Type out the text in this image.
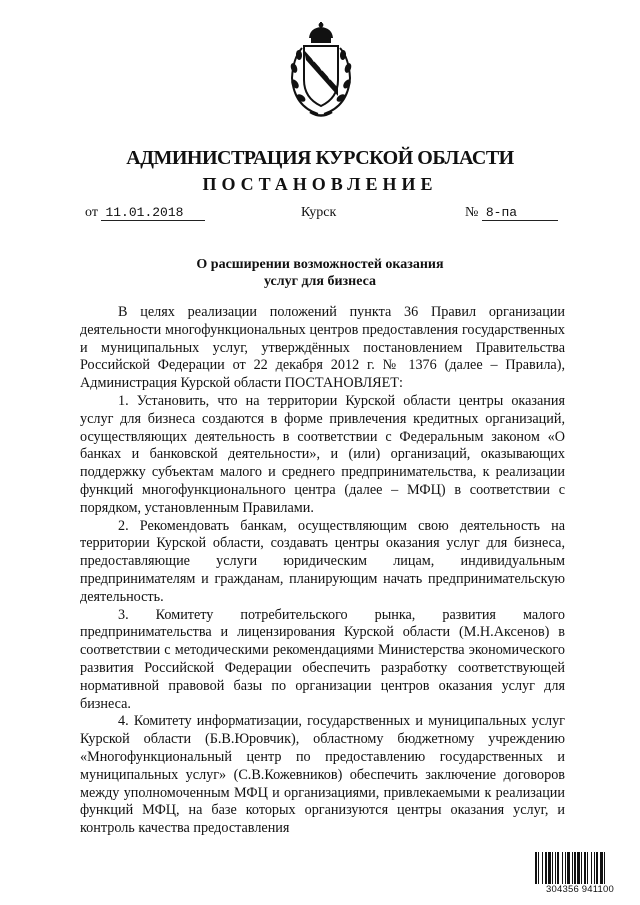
АДМИНИСТРАЦИЯ КУРСКОЙ ОБЛАСТИ
ПОСТАНОВЛЕНИЕ
от 11.01.2018	Курск	№ 8-па
О расширении возможностей оказания
услуг для бизнеса

В целях реализации положений пункта 36 Правил организации деятельности многофункциональных центров предоставления государственных и муниципальных услуг, утверждённых постановлением Правительства Российской Федерации от 22 декабря 2012 г. № 1376 (далее – Правила), Администрация Курской области ПОСТАНОВЛЯЕТ:

1. Установить, что на территории Курской области центры оказания услуг для бизнеса создаются в форме привлечения кредитных организаций, осуществляющих деятельность в соответствии с Федеральным законом «О банках и банковской деятельности», и (или) организаций, оказывающих поддержку субъектам малого и среднего предпринимательства, к реализации функций многофункционального центра (далее – МФЦ) в соответствии с порядком, установленным Правилами.

2. Рекомендовать банкам, осуществляющим свою деятельность на территории Курской области, создавать центры оказания услуг для бизнеса, предоставляющие услуги юридическим лицам, индивидуальным предпринимателям и гражданам, планирующим начать предпринимательскую деятельность.

3. Комитету потребительского рынка, развития малого предпринимательства и лицензирования Курской области (М.Н.Аксенов) в соответствии с методическими рекомендациями Министерства экономического развития Российской Федерации обеспечить разработку соответствующей нормативной правовой базы по организации центров оказания услуг для бизнеса.

4. Комитету информатизации, государственных и муниципальных услуг Курской области (Б.В.Юровчик), областному бюджетному учреждению «Многофункциональный центр по предоставлению государственных и муниципальных услуг» (С.В.Кожевников) обеспечить заключение договоров между уполномоченным МФЦ и организациями, привлекаемыми к реализации функций МФЦ, на базе которых организуются центры оказания услуг, и контроль качества предоставления

304356 941100
